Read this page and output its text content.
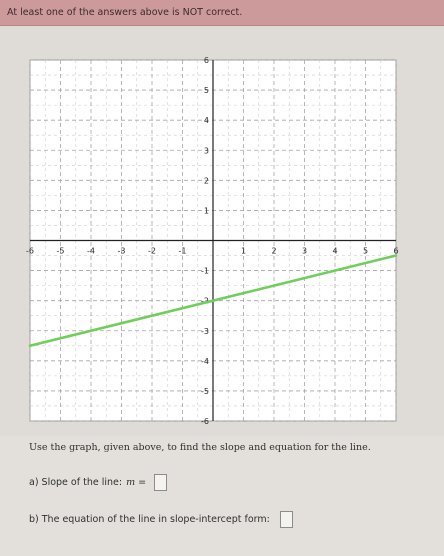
At least one of the answers above is NOT correct.
-6	-5	-4	-3	-2	-1	1	2	3	4	5	6
6
5
4
3
2
1
-1
-2
-3
-4
-5
-6
Use the graph, given above, to find the slope and equation for the line.
a) Slope of the line: m =
b) The equation of the line in slope-intercept form:
